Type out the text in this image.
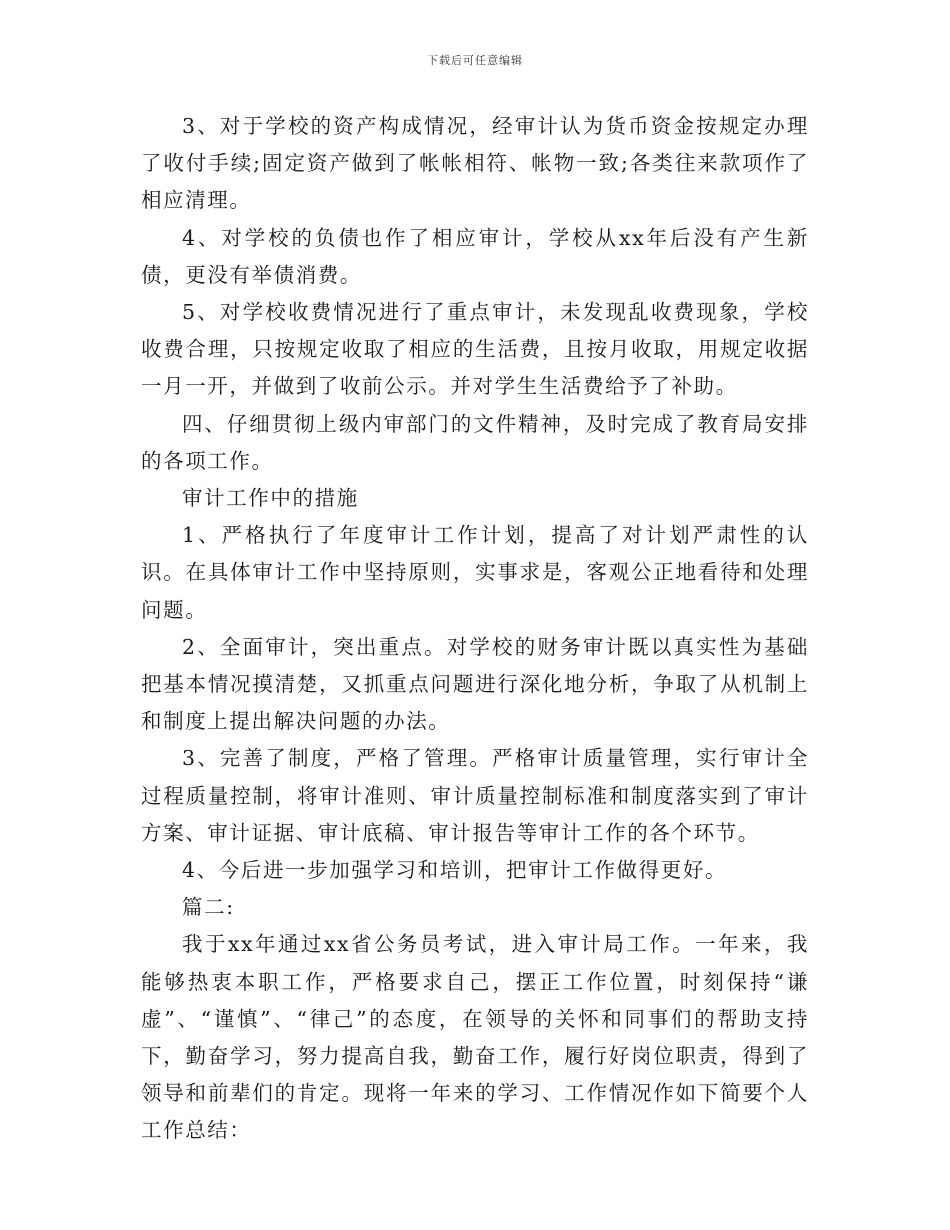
下载后可任意编辑

3、对于学校的资产构成情况，经审计认为货币资金按规定办理了收付手续;固定资产做到了帐帐相符、帐物一致;各类往来款项作了相应清理。

4、对学校的负债也作了相应审计，学校从xx年后没有产生新债，更没有举债消费。

5、对学校收费情况进行了重点审计，未发现乱收费现象，学校收费合理，只按规定收取了相应的生活费，且按月收取，用规定收据一月一开，并做到了收前公示。并对学生生活费给予了补助。

四、仔细贯彻上级内审部门的文件精神，及时完成了教育局安排的各项工作。

审计工作中的措施

1、严格执行了年度审计工作计划，提高了对计划严肃性的认识。在具体审计工作中坚持原则，实事求是，客观公正地看待和处理问题。

2、全面审计，突出重点。对学校的财务审计既以真实性为基础把基本情况摸清楚，又抓重点问题进行深化地分析，争取了从机制上和制度上提出解决问题的办法。

3、完善了制度，严格了管理。严格审计质量管理，实行审计全过程质量控制，将审计准则、审计质量控制标准和制度落实到了审计方案、审计证据、审计底稿、审计报告等审计工作的各个环节。

4、今后进一步加强学习和培训，把审计工作做得更好。

篇二:

我于xx年通过xx省公务员考试，进入审计局工作。一年来，我能够热衷本职工作，严格要求自己，摆正工作位置，时刻保持“谦虚”、“谨慎”、“律己”的态度，在领导的关怀和同事们的帮助支持下，勤奋学习，努力提高自我，勤奋工作，履行好岗位职责，得到了领导和前辈们的肯定。现将一年来的学习、工作情况作如下简要个人工作总结：
